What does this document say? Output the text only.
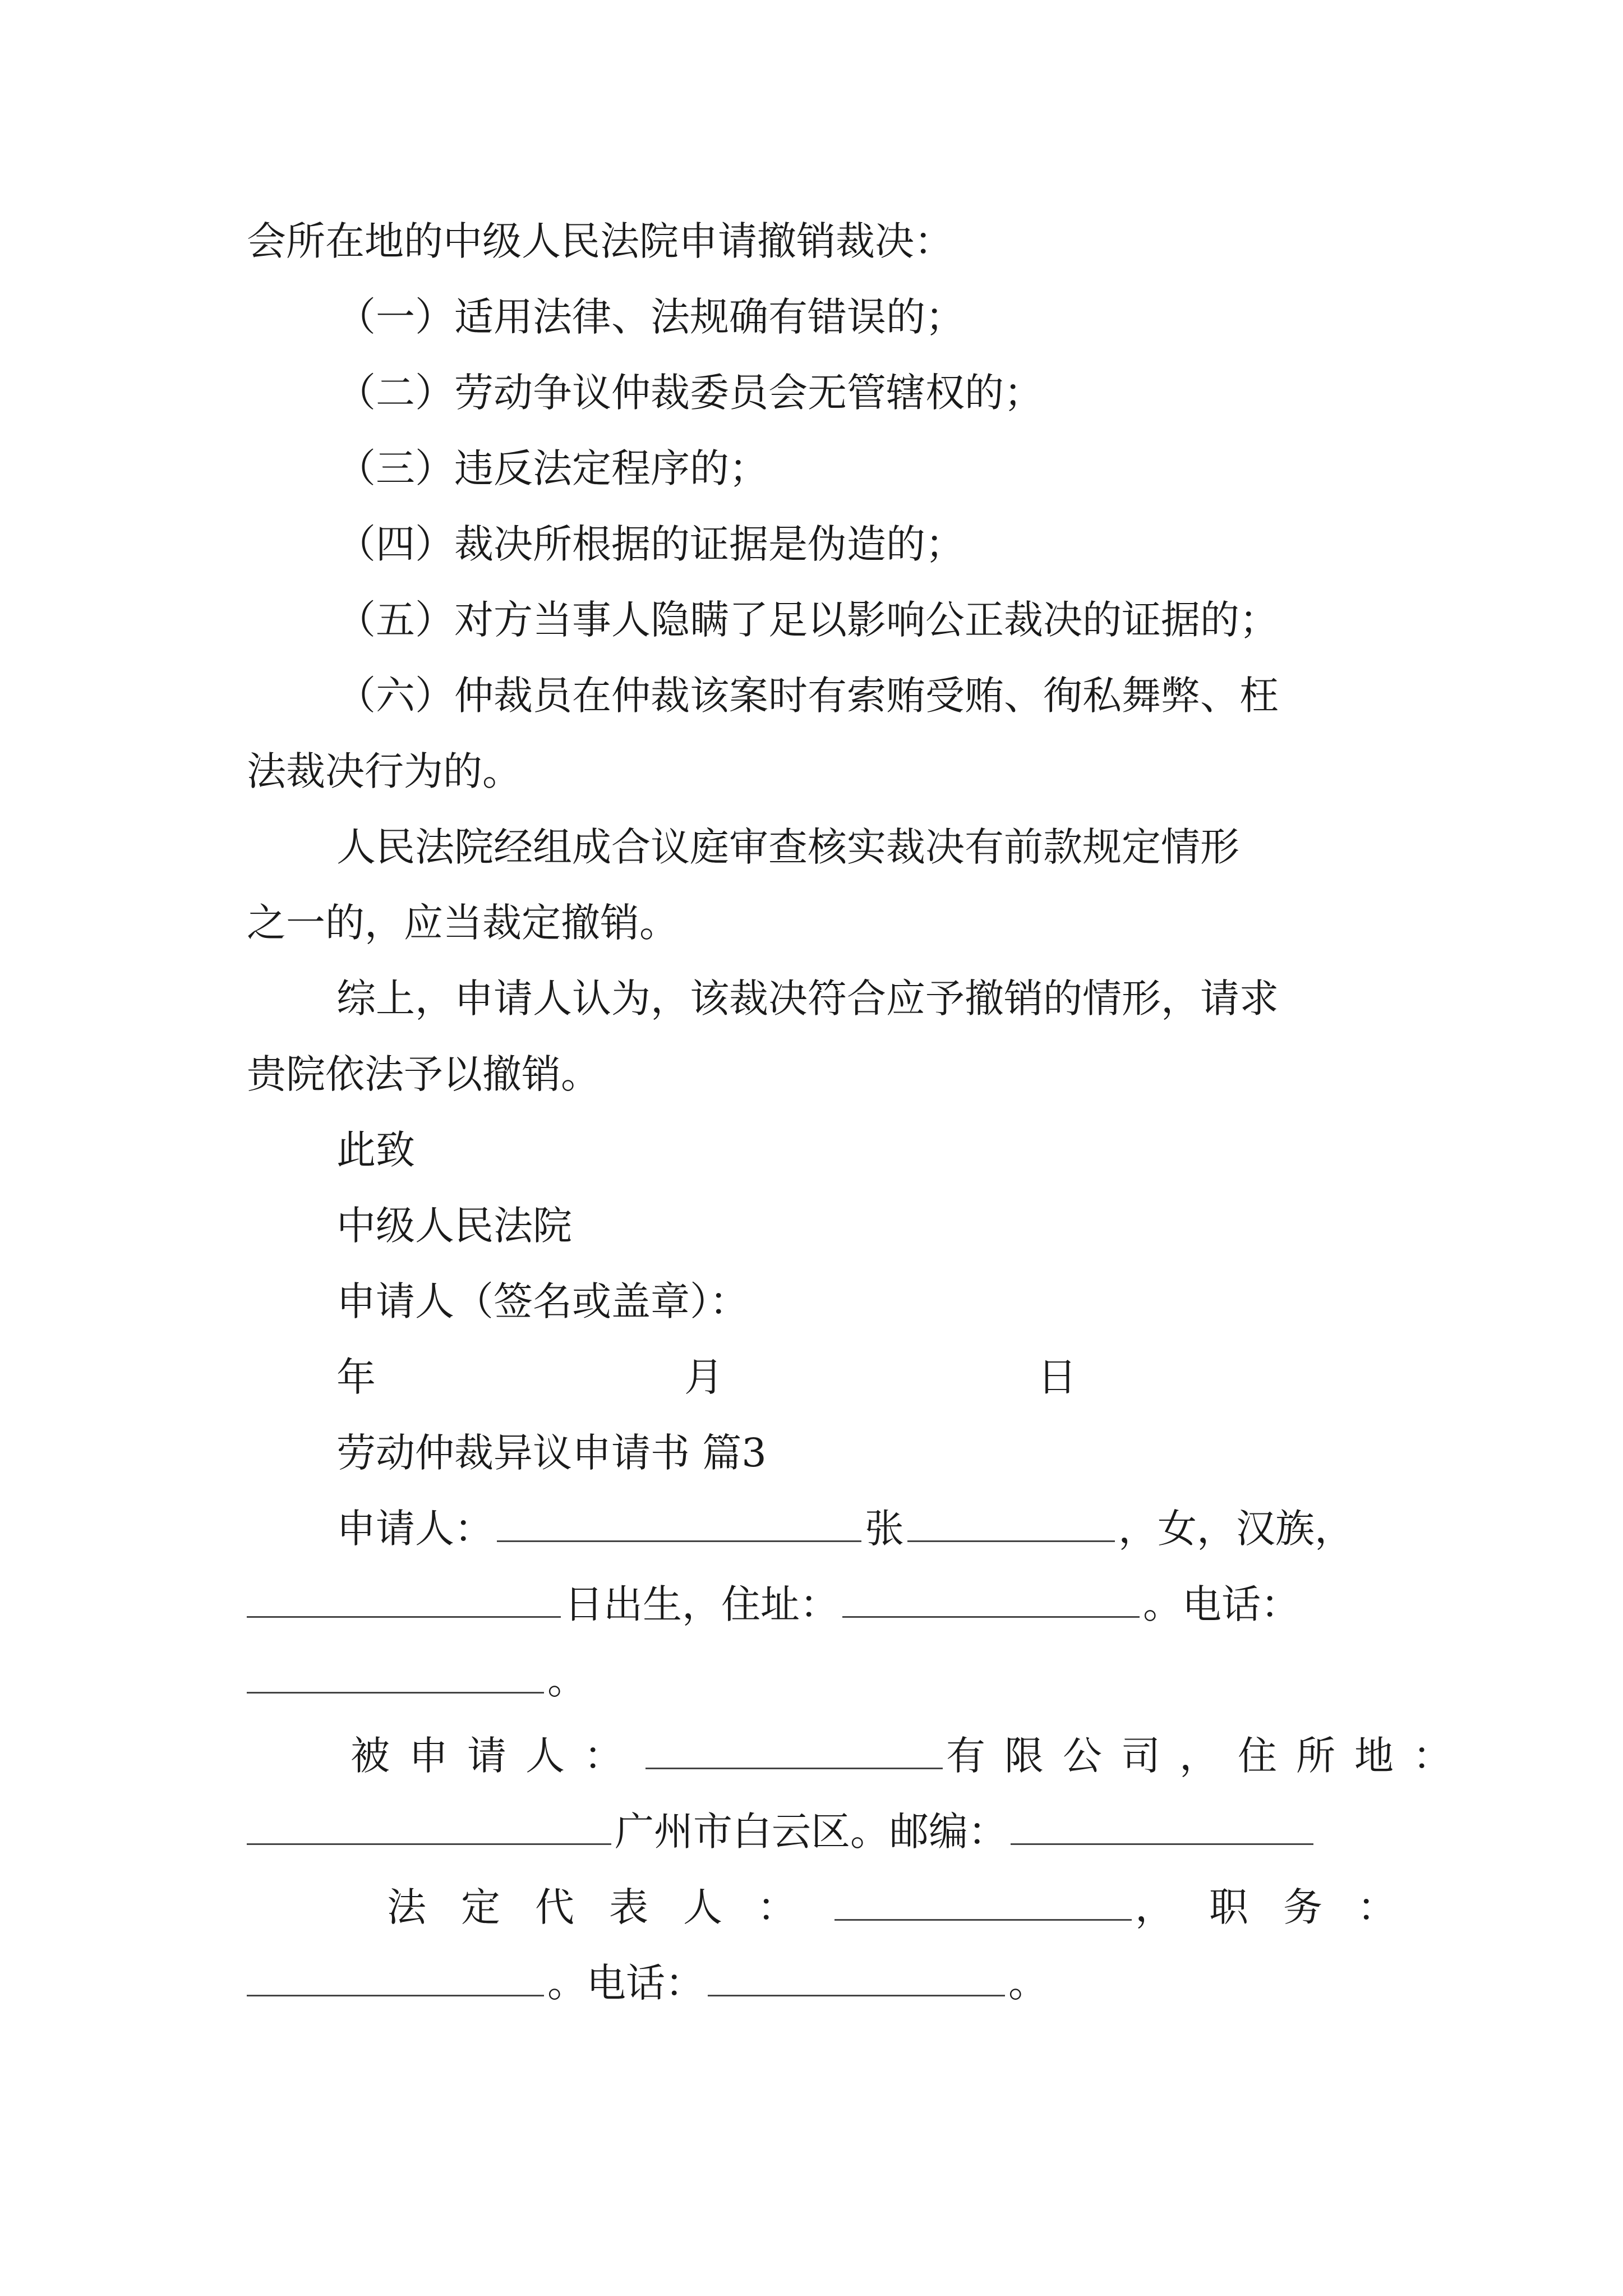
会所在地的中级人民法院申请撤销裁决：
（一）适用法律、法规确有错误的；
（二）劳动争议仲裁委员会无管辖权的；
（三）违反法定程序的；
（四）裁决所根据的证据是伪造的；
（五）对方当事人隐瞒了足以影响公正裁决的证据的；
（六）仲裁员在仲裁该案时有索贿受贿、徇私舞弊、枉
法裁决行为的。
人民法院经组成合议庭审查核实裁决有前款规定情形
之一的，应当裁定撤销。
综上，申请人认为，该裁决符合应予撤销的情形，请求
贵院依法予以撤销。
此致
中级人民法院
申请人（签名或盖章）：
年	月	日
劳动仲裁异议申请书 篇3
申请人：	张	，女，汉族，
日出生，住址：	。电话：
。
被申请人：	有限公司，住所地：
广州市白云区。邮编：
法定代表人：	，职务：
。电话：	。
